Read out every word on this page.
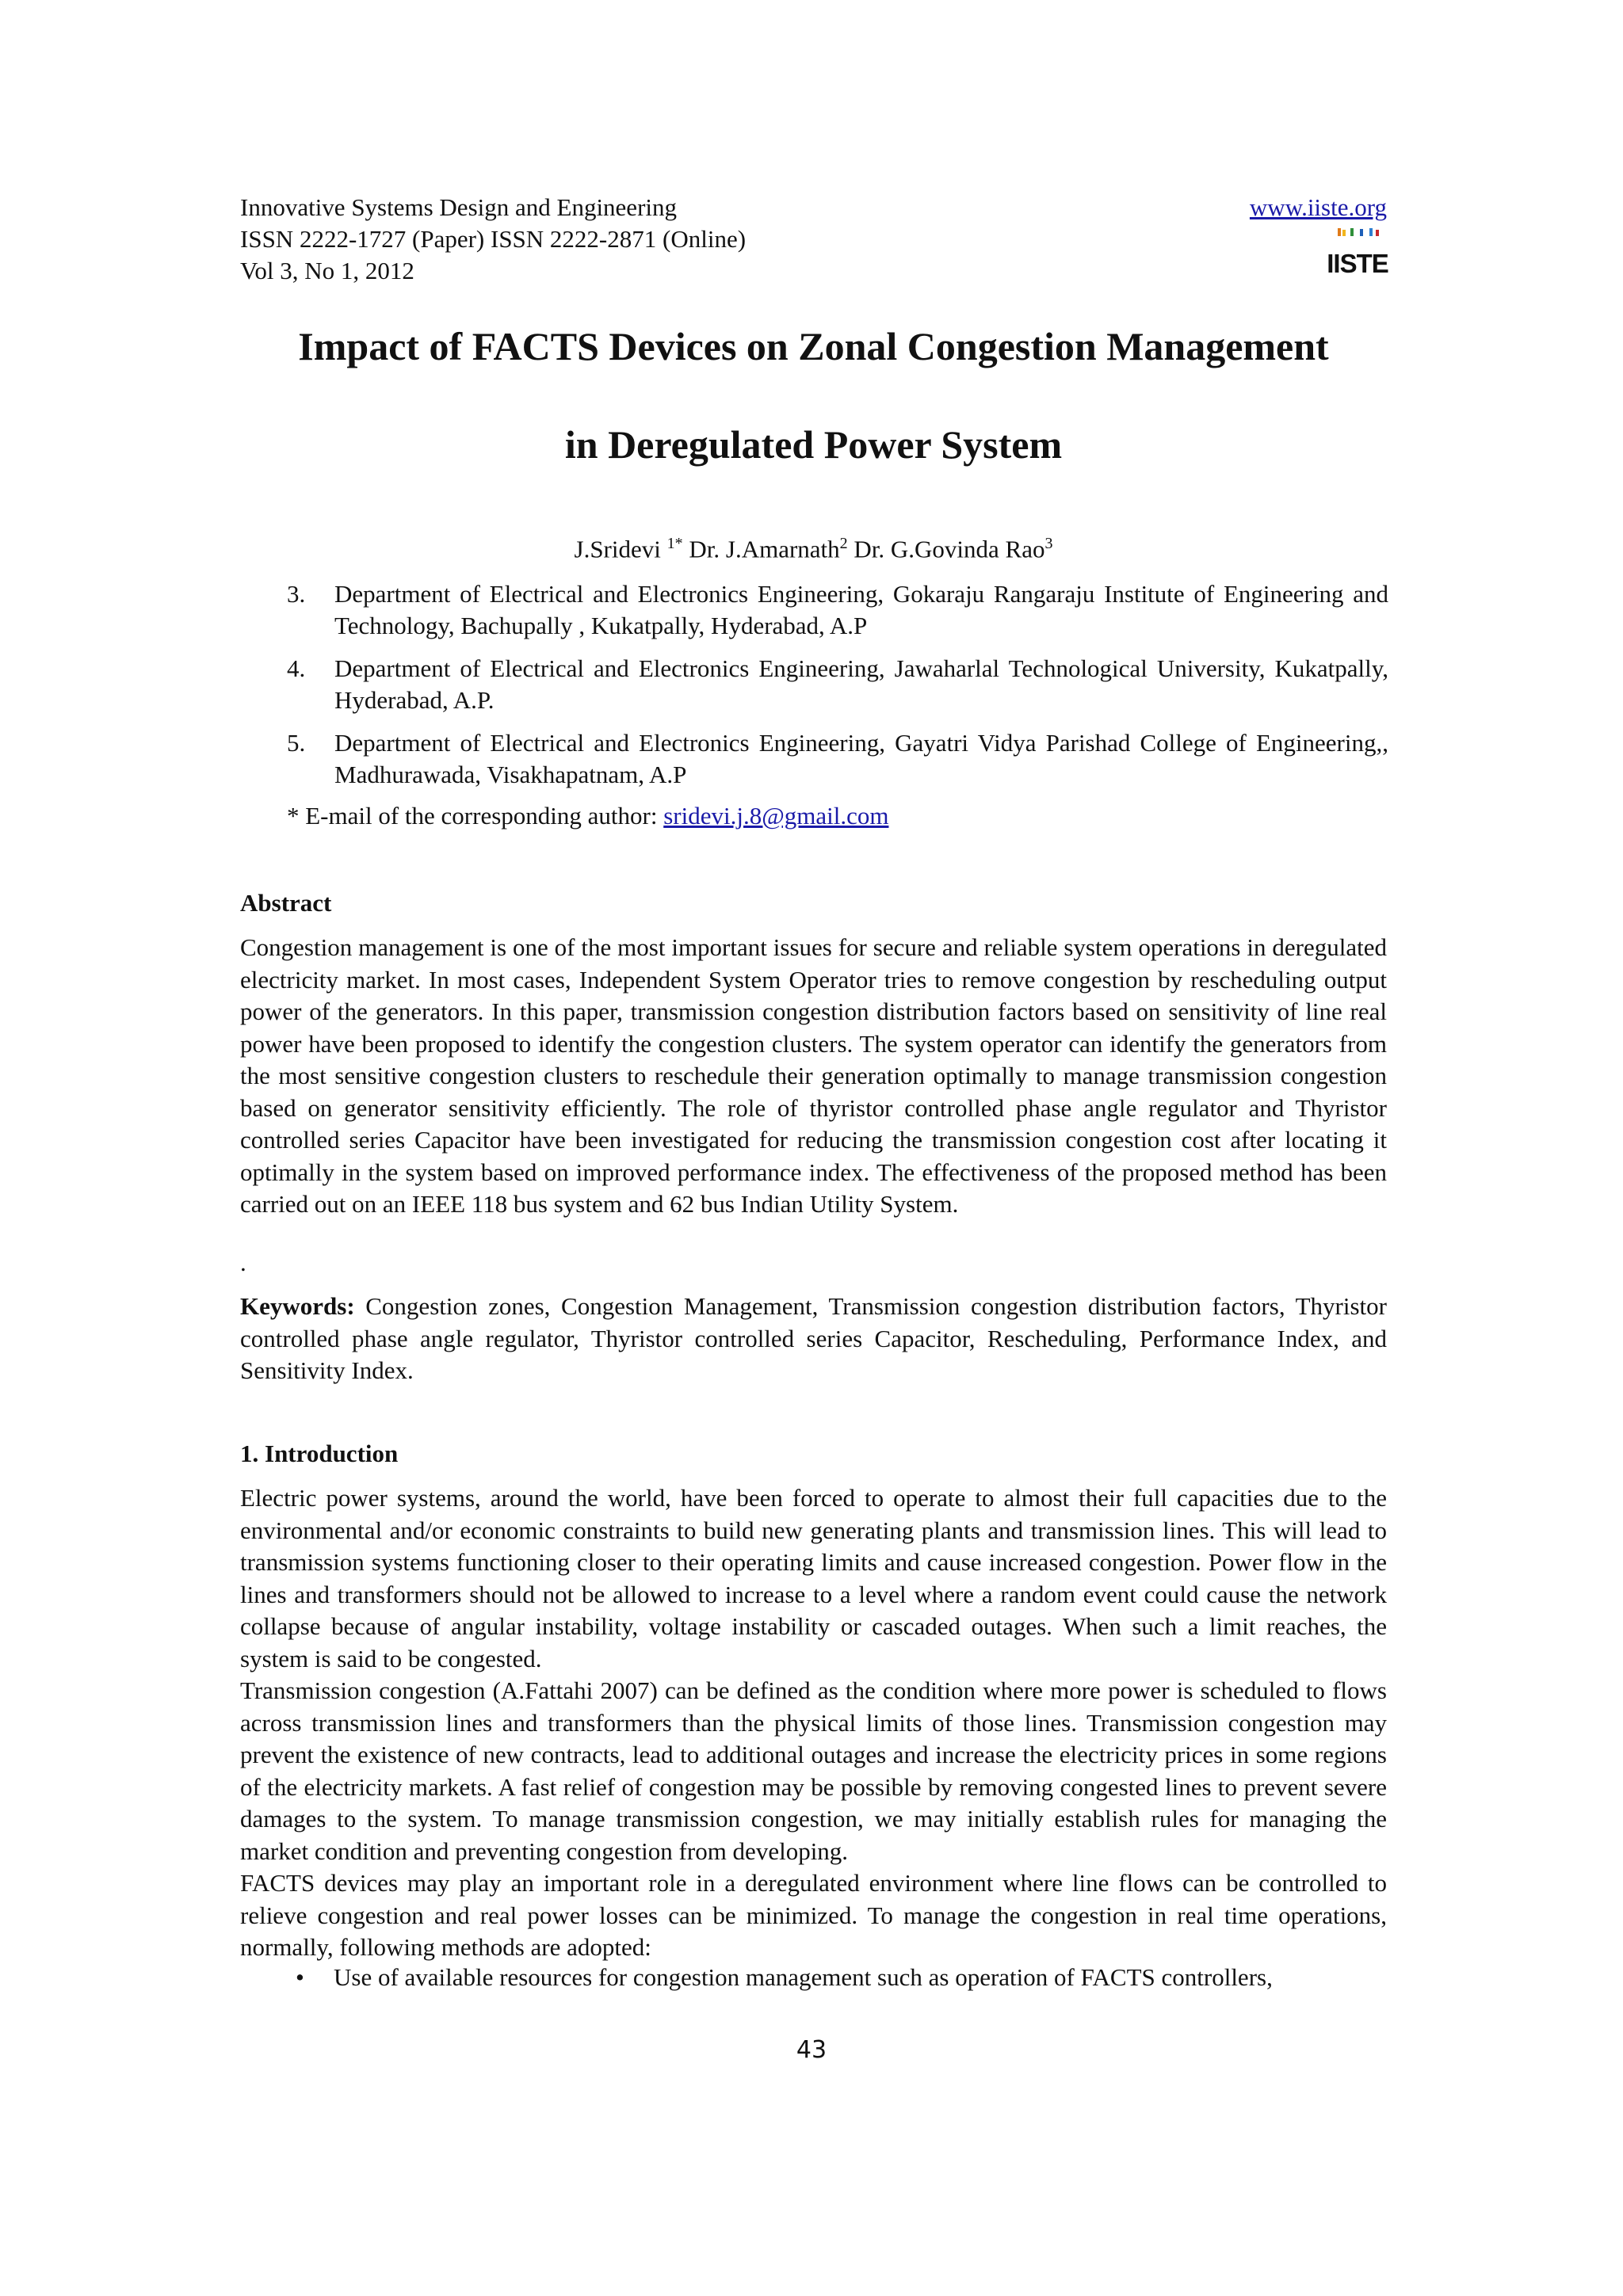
Innovative Systems Design and Engineering
ISSN 2222-1727 (Paper) ISSN 2222-2871 (Online)
Vol 3, No 1, 2012
www.iiste.org
IISTE
Impact of FACTS Devices on Zonal Congestion Management
in Deregulated Power System
J.Sridevi $^{1*}$ Dr. J.Amarnath$^2$ Dr. G.Govinda Rao$^3$
3. Department of Electrical and Electronics Engineering, Gokaraju Rangaraju Institute of Engineering and Technology, Bachupally , Kukatpally, Hyderabad, A.P
4. Department of Electrical and Electronics Engineering, Jawaharlal Technological University, Kukatpally, Hyderabad, A.P.
5. Department of Electrical and Electronics Engineering, Gayatri Vidya Parishad College of Engineering,, Madhurawada, Visakhapatnam, A.P
* E-mail of the corresponding author: sridevi.j.8@gmail.com
Abstract
Congestion management is one of the most important issues for secure and reliable system operations in deregulated electricity market. In most cases, Independent System Operator tries to remove congestion by rescheduling output power of the generators. In this paper, transmission congestion distribution factors based on sensitivity of line real power have been proposed to identify the congestion clusters. The system operator can identify the generators from the most sensitive congestion clusters to reschedule their generation optimally to manage transmission congestion based on generator sensitivity efficiently. The role of thyristor controlled phase angle regulator and Thyristor controlled series Capacitor have been investigated for reducing the transmission congestion cost after locating it optimally in the system based on improved performance index. The effectiveness of the proposed method has been carried out on an IEEE 118 bus system and 62 bus Indian Utility System.
.
Keywords: Congestion zones, Congestion Management, Transmission congestion distribution factors, Thyristor controlled phase angle regulator, Thyristor controlled series Capacitor, Rescheduling, Performance Index, and Sensitivity Index.
1. Introduction

Electric power systems, around the world, have been forced to operate to almost their full capacities due to the environmental and/or economic constraints to build new generating plants and transmission lines. This will lead to transmission systems functioning closer to their operating limits and cause increased congestion. Power flow in the lines and transformers should not be allowed to increase to a level where a random event could cause the network collapse because of angular instability, voltage instability or cascaded outages. When such a limit reaches, the system is said to be congested.

Transmission congestion (A.Fattahi 2007) can be defined as the condition where more power is scheduled to flows across transmission lines and transformers than the physical limits of those lines. Transmission congestion may prevent the existence of new contracts, lead to additional outages and increase the electricity prices in some regions of the electricity markets. A fast relief of congestion may be possible by removing congested lines to prevent severe damages to the system. To manage transmission congestion, we may initially establish rules for managing the market condition and preventing congestion from developing.

FACTS devices may play an important role in a deregulated environment where line flows can be controlled to relieve congestion and real power losses can be minimized. To manage the congestion in real time operations, normally, following methods are adopted:

• Use of available resources for congestion management such as operation of FACTS controllers,
43
